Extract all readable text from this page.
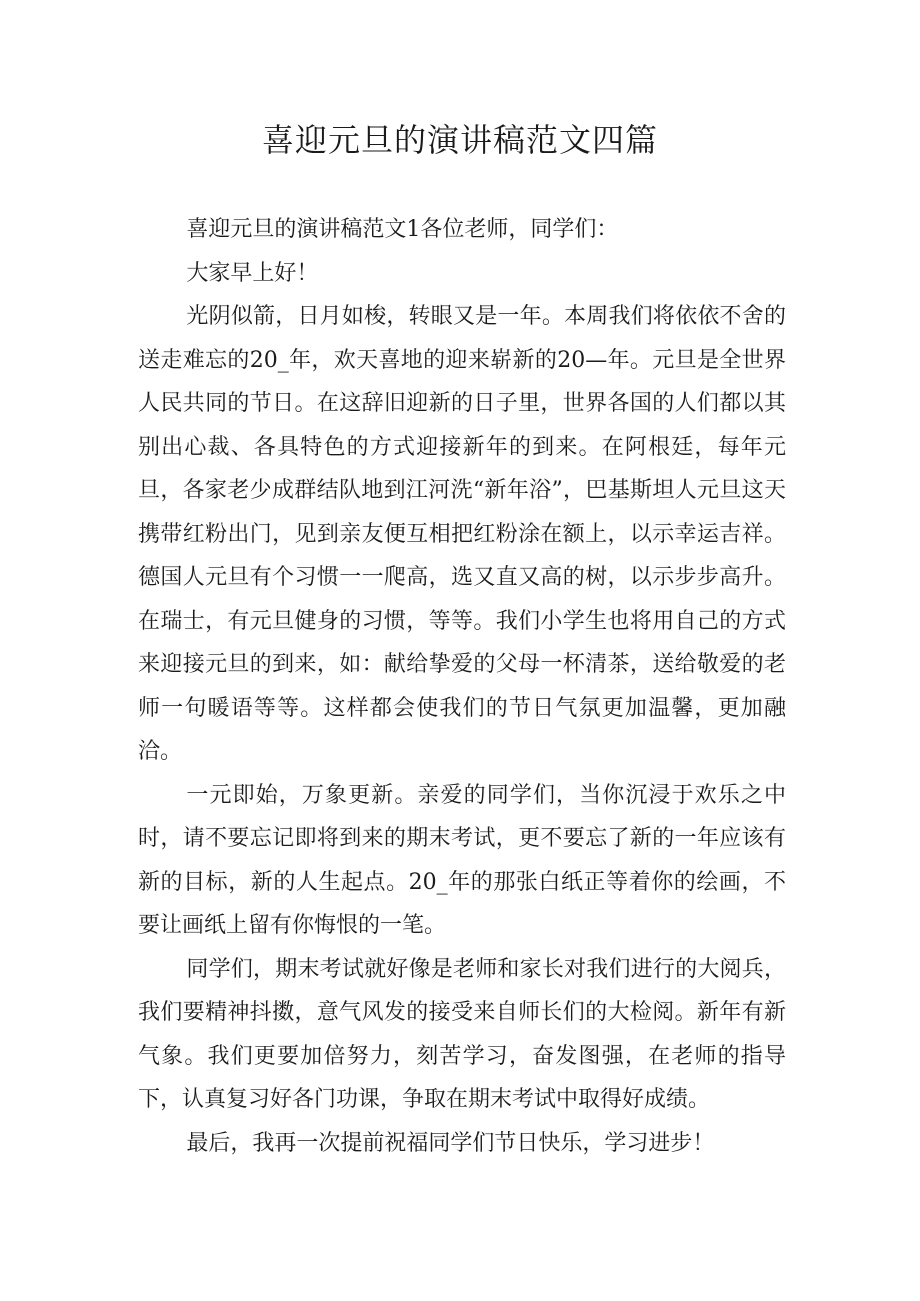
喜迎元旦的演讲稿范文四篇

喜迎元旦的演讲稿范文1各位老师，同学们：

大家早上好！

光阴似箭，日月如梭，转眼又是一年。本周我们将依依不舍的送走难忘的20_年，欢天喜地的迎来崭新的20—年。元旦是全世界人民共同的节日。在这辞旧迎新的日子里，世界各国的人们都以其别出心裁、各具特色的方式迎接新年的到来。在阿根廷，每年元旦，各家老少成群结队地到江河洗“新年浴”，巴基斯坦人元旦这天携带红粉出门，见到亲友便互相把红粉涂在额上，以示幸运吉祥。德国人元旦有个习惯一一爬高，选又直又高的树，以示步步高升。在瑞士，有元旦健身的习惯，等等。我们小学生也将用自己的方式来迎接元旦的到来，如：献给挚爱的父母一杯清茶，送给敬爱的老师一句暖语等等。这样都会使我们的节日气氛更加温馨，更加融洽。

一元即始，万象更新。亲爱的同学们，当你沉浸于欢乐之中时，请不要忘记即将到来的期末考试，更不要忘了新的一年应该有新的目标，新的人生起点。20_年的那张白纸正等着你的绘画，不要让画纸上留有你悔恨的一笔。

同学们，期末考试就好像是老师和家长对我们进行的大阅兵，我们要精神抖擞，意气风发的接受来自师长们的大检阅。新年有新气象。我们更要加倍努力，刻苦学习，奋发图强，在老师的指导下，认真复习好各门功课，争取在期末考试中取得好成绩。

最后，我再一次提前祝福同学们节日快乐，学习进步！
